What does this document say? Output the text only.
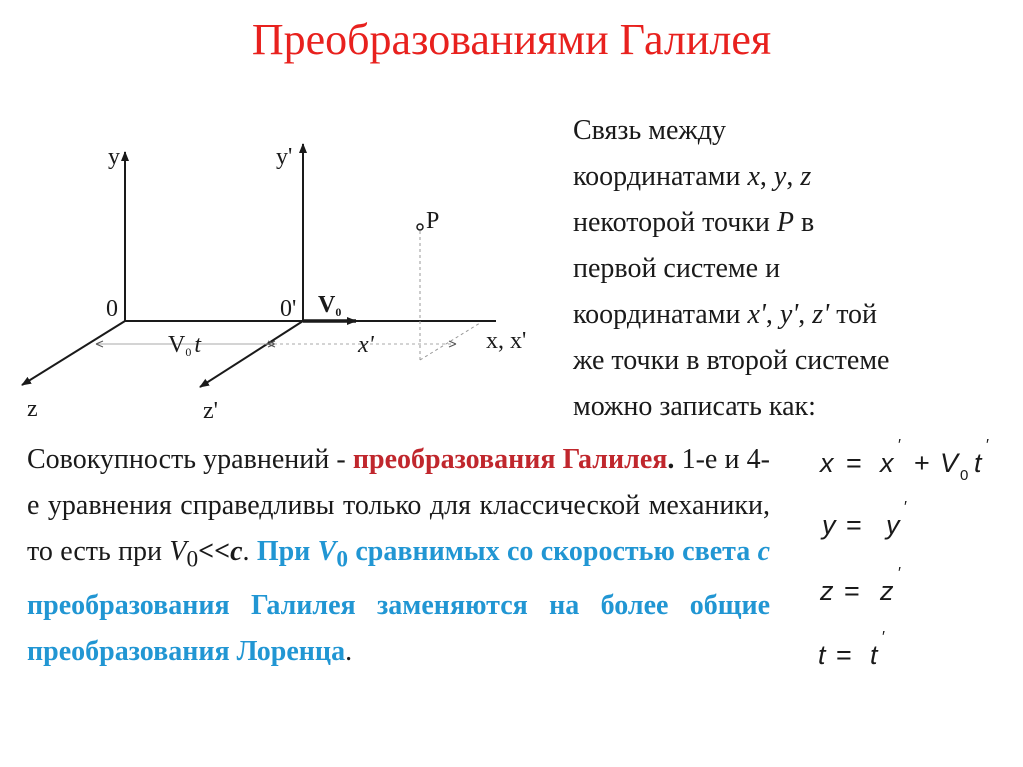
Преобразованиями Галилея
y	y'
0	0' V0
P
V0 t	x'	x, x'
z	z'
Связь между
координатами x, y, z
некоторой точки P в
первой системе и
координатами x', y', z' той
же точки в второй системе
можно записать как:
Совокупность уравнений - преобразования Галилея. 1-е и 4-е уравнения справедливы только для классической механики, то есть при $V_0<<c$. При $V_0$ сравнимых со скоростью света c преобразования Галилея заменяются на более общие преобразования Лоренца.
x = x
′
+ V 0 t
′
y = y
′
z = z
′
t = t
′
